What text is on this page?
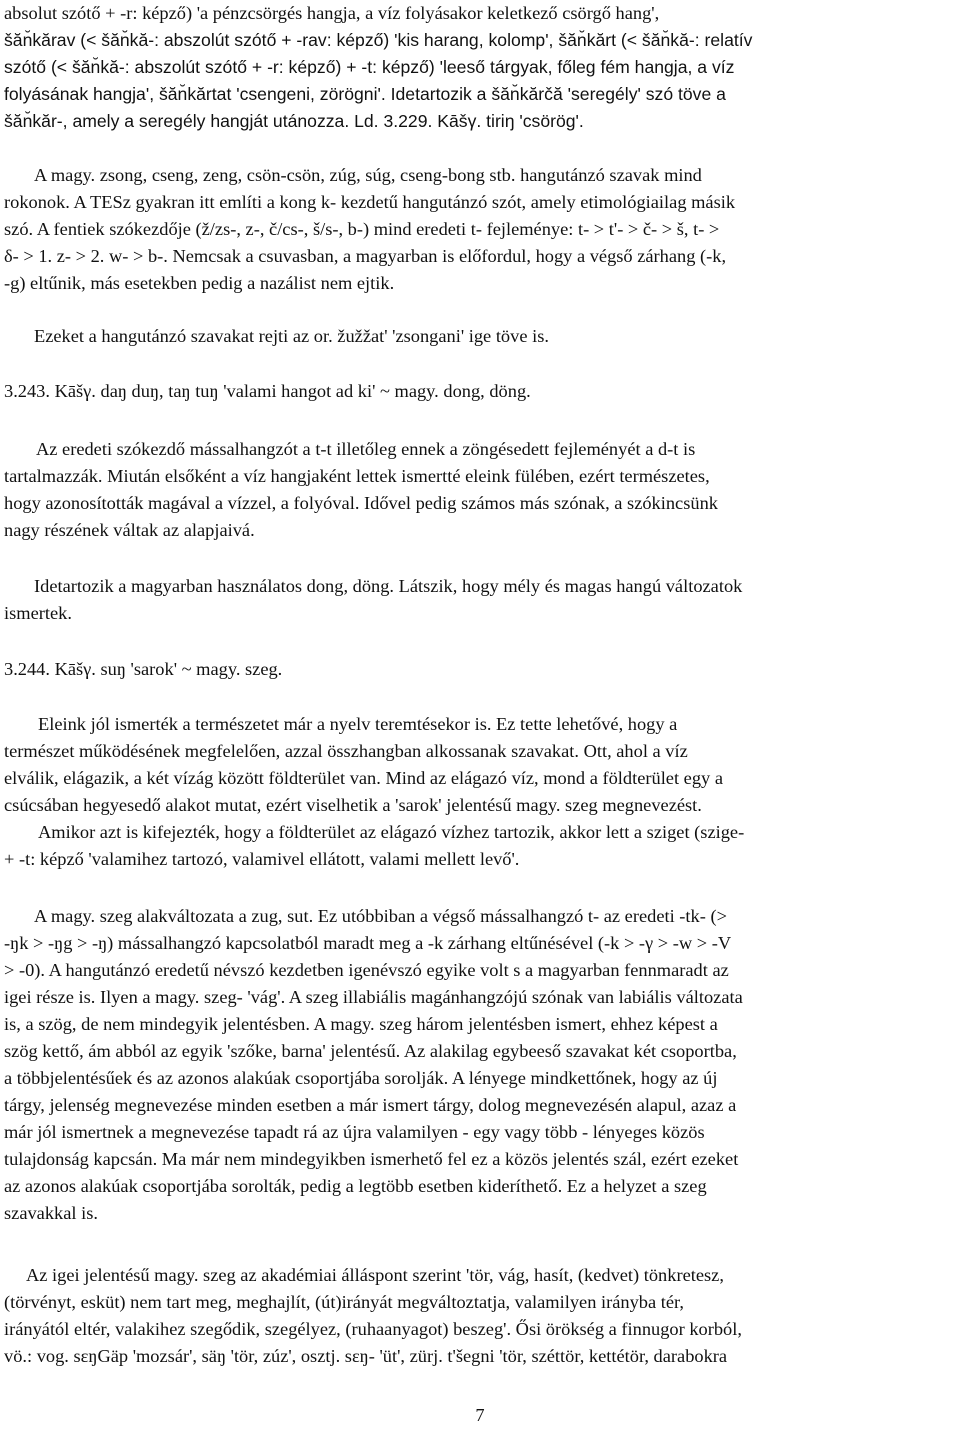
absolut szótő + -r: képző) 'a pénzcsörgés hangja, a víz folyásakor keletkező csörgő hang',
šăn̆kărav (< šăn̆kă-: abszolút szótő + -rav: képző) 'kis harang, kolomp', šăn̆kărt (< šăn̆kă-: relatív
szótő (< šăn̆kă-: abszolút szótő + -r: képző) + -t: képző) 'leeső tárgyak, főleg fém hangja, a víz
folyásának hangja', šăn̆kărtat 'csengeni, zörögni'. Idetartozik a šăn̆kărčă 'seregély' szó töve a
šăn̆kăr-, amely a seregély hangját utánozza. Ld. 3.229. Kāšγ. tiriŋ 'csörög'.
A magy. zsong, cseng, zeng, csön-csön, zúg, súg, cseng-bong stb. hangutánzó szavak mind
rokonok. A TESz gyakran itt említi a kong k- kezdetű hangutánzó szót, amely etimológiailag másik
szó. A fentiek szókezdője (ž/zs-, z-, č/cs-, š/s-, b-) mind eredeti t- fejleménye: t- > t'- > č- > š, t- >
δ- > 1. z- > 2. w- > b-. Nemcsak a csuvasban, a magyarban is előfordul, hogy a végső zárhang (-k,
-g) eltűnik, más esetekben pedig a nazálist nem ejtik.
Ezeket a hangutánzó szavakat rejti az or. žužžat' 'zsongani' ige töve is.
3.243. Kāšγ. daŋ duŋ, taŋ tuŋ 'valami hangot ad ki' ~ magy. dong, döng.
Az eredeti szókezdő mássalhangzót a t-t illetőleg ennek a zöngésedett fejleményét a d-t is
tartalmazzák. Miután elsőként a víz hangjaként lettek ismertté eleink fülében, ezért természetes,
hogy azonosították magával a vízzel, a folyóval. Idővel pedig számos más szónak, a szókincsünk
nagy részének váltak az alapjaivá.
Idetartozik a magyarban használatos dong, döng. Látszik, hogy mély és magas hangú változatok
ismertek.
3.244. Kāšγ. suŋ 'sarok' ~ magy. szeg.
Eleink jól ismerték a természetet már a nyelv teremtésekor is. Ez tette lehetővé, hogy a
természet működésének megfelelően, azzal összhangban alkossanak szavakat. Ott, ahol a víz
elválik, elágazik, a két vízág között földterület van. Mind az elágazó víz, mond a földterület egy a
csúcsában hegyesedő alakot mutat, ezért viselhetik a 'sarok' jelentésű magy. szeg megnevezést.
Amikor azt is kifejezték, hogy a földterület az elágazó vízhez tartozik, akkor lett a sziget (szige-
+ -t: képző 'valamihez tartozó, valamivel ellátott, valami mellett levő'.
A magy. szeg alakváltozata a zug, sut. Ez utóbbiban a végső mássalhangzó t- az eredeti -tk- (>
-ŋk > -ŋg > -ŋ) mássalhangzó kapcsolatból maradt meg a -k zárhang eltűnésével (-k > -γ > -w > -V
> -0). A hangutánzó eredetű névszó kezdetben igenévszó egyike volt s a magyarban fennmaradt az
igei része is. Ilyen a magy. szeg- 'vág'. A szeg illabiális magánhangzójú szónak van labiális változata
is, a szög, de nem mindegyik jelentésben. A magy. szeg három jelentésben ismert, ehhez képest a
szög kettő, ám abból az egyik 'szőke, barna' jelentésű. Az alakilag egybeeső szavakat két csoportba,
a többjelentésűek és az azonos alakúak csoportjába sorolják. A lényege mindkettőnek, hogy az új
tárgy, jelenség megnevezése minden esetben a már ismert tárgy, dolog megnevezésén alapul, azaz a
már jól ismertnek a megnevezése tapadt rá az újra valamilyen - egy vagy több - lényeges közös
tulajdonság kapcsán. Ma már nem mindegyikben ismerhető fel ez a közös jelentés szál, ezért ezeket
az azonos alakúak csoportjába sorolták, pedig a legtöbb esetben kideríthető. Ez a helyzet a szeg
szavakkal is.
Az igei jelentésű magy. szeg az akadémiai álláspont szerint 'tör, vág, hasít, (kedvet) tönkretesz,
(törvényt, esküt) nem tart meg, meghajlít, (út)irányát megváltoztatja, valamilyen irányba tér,
irányától eltér, valakihez szegődik, szegélyez, (ruhaanyagot) beszeg'. Ősi örökség a finnugor korból,
vö.: vog. sεŋGäp 'mozsár', säŋ 'tör, zúz', osztj. sεŋ- 'üt', zürj. t'šegni 'tör, széttör, kettétör, darabokra
7
